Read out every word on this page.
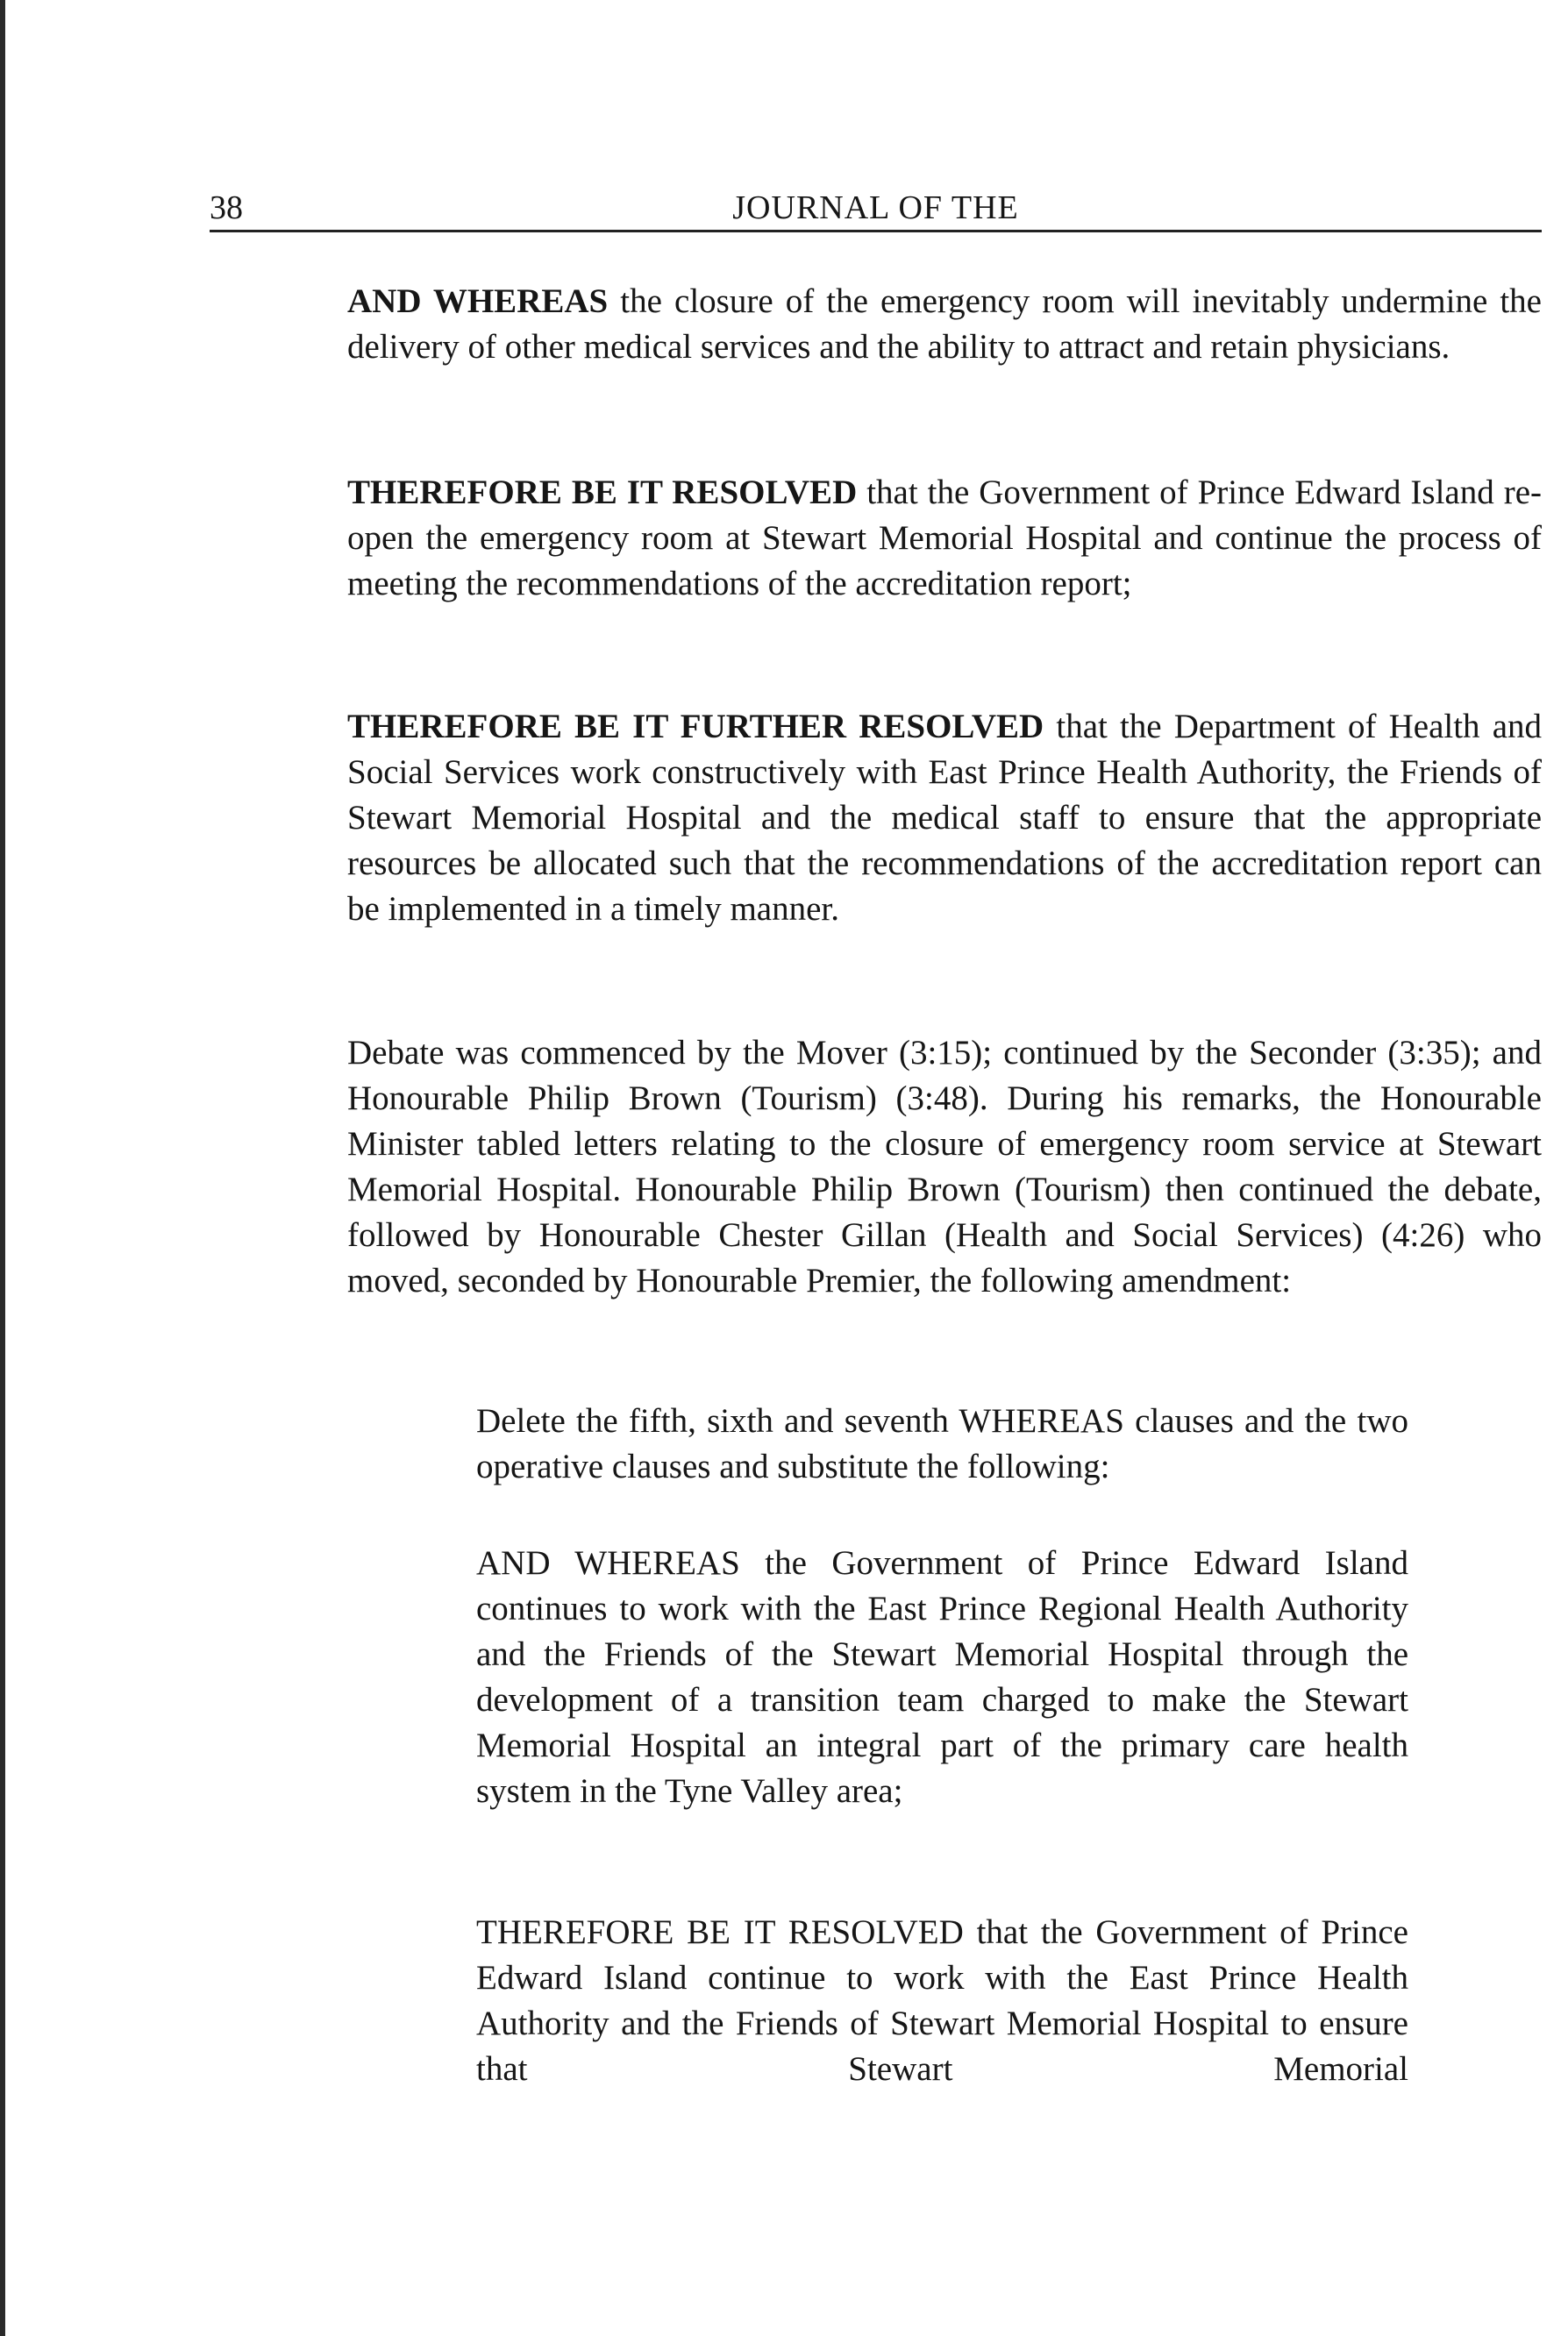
38	JOURNAL OF THE

AND WHEREAS the closure of the emergency room will inevitably undermine the delivery of other medical services and the ability to attract and retain physicians.

THEREFORE BE IT RESOLVED that the Government of Prince Edward Island re-open the emergency room at Stewart Memorial Hospital and continue the process of meeting the recommendations of the accreditation report;

THEREFORE BE IT FURTHER RESOLVED that the Department of Health and Social Services work constructively with East Prince Health Authority, the Friends of Stewart Memorial Hospital and the medical staff to ensure that the appropriate resources be allocated such that the recommendations of the accreditation report can be implemented in a timely manner.

Debate was commenced by the Mover (3:15); continued by the Seconder (3:35); and Honourable Philip Brown (Tourism) (3:48). During his remarks, the Honourable Minister tabled letters relating to the closure of emergency room service at Stewart Memorial Hospital. Honourable Philip Brown (Tourism) then continued the debate, followed by Honourable Chester Gillan (Health and Social Services) (4:26) who moved, seconded by Honourable Premier, the following amendment:

Delete the fifth, sixth and seventh WHEREAS clauses and the two operative clauses and substitute the following:

AND WHEREAS the Government of Prince Edward Island continues to work with the East Prince Regional Health Authority and the Friends of the Stewart Memorial Hospital through the development of a transition team charged to make the Stewart Memorial Hospital an integral part of the primary care health system in the Tyne Valley area;

THEREFORE BE IT RESOLVED that the Government of Prince Edward Island continue to work with the East Prince Health Authority and the Friends of Stewart Memorial Hospital to ensure that Stewart Memorial
